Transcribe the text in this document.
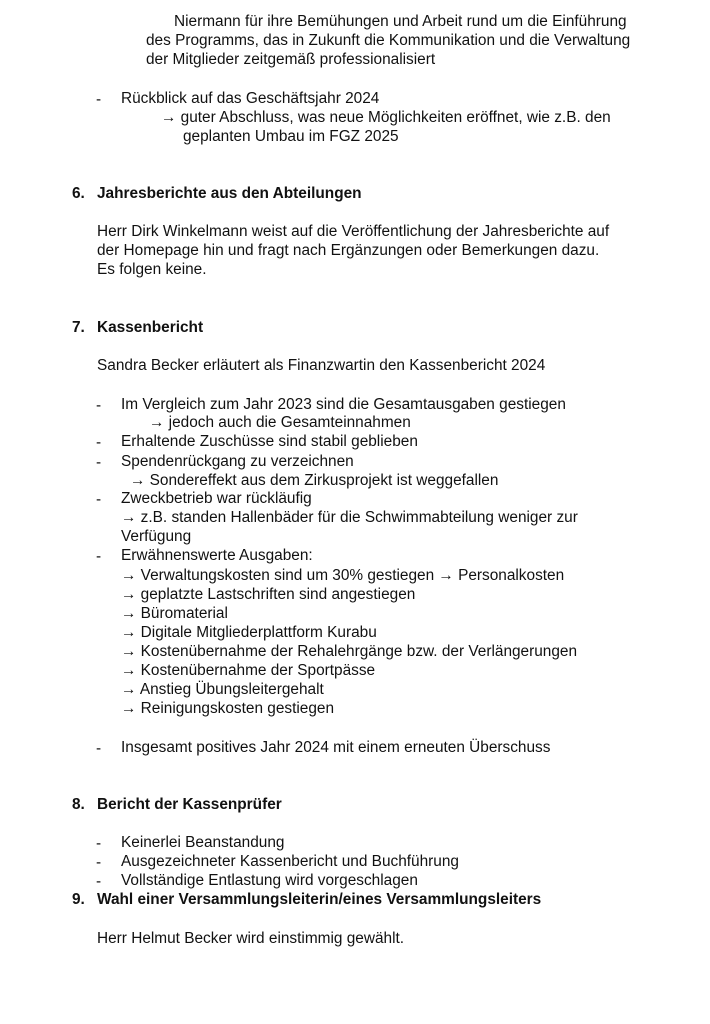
Niermann für ihre Bemühungen und Arbeit rund um die Einführung
des Programms, das in Zukunft die Kommunikation und die Verwaltung
der Mitglieder zeitgemäß professionalisiert
- Rückblick auf das Geschäftsjahr 2024
→ guter Abschluss, was neue Möglichkeiten eröffnet, wie z.B. den
geplanten Umbau im FGZ 2025
6. Jahresberichte aus den Abteilungen
Herr Dirk Winkelmann weist auf die Veröffentlichung der Jahresberichte auf
der Homepage hin und fragt nach Ergänzungen oder Bemerkungen dazu.
Es folgen keine.
7. Kassenbericht
Sandra Becker erläutert als Finanzwartin den Kassenbericht 2024
- Im Vergleich zum Jahr 2023 sind die Gesamtausgaben gestiegen
→ jedoch auch die Gesamteinnahmen
- Erhaltende Zuschüsse sind stabil geblieben
- Spendenrückgang zu verzeichnen
→ Sondereffekt aus dem Zirkusprojekt ist weggefallen
- Zweckbetrieb war rückläufig
→ z.B. standen Hallenbäder für die Schwimmabteilung weniger zur
Verfügung
- Erwähnenswerte Ausgaben:
→ Verwaltungskosten sind um 30% gestiegen → Personalkosten
→ geplatzte Lastschriften sind angestiegen
→ Büromaterial
→ Digitale Mitgliederplattform Kurabu
→ Kostenübernahme der Rehalehrgänge bzw. der Verlängerungen
→ Kostenübernahme der Sportpässe
→ Anstieg Übungsleitergehalt
→ Reinigungskosten gestiegen
- Insgesamt positives Jahr 2024 mit einem erneuten Überschuss
8. Bericht der Kassenprüfer
- Keinerlei Beanstandung
- Ausgezeichneter Kassenbericht und Buchführung
- Vollständige Entlastung wird vorgeschlagen
9. Wahl einer Versammlungsleiterin/eines Versammlungsleiters
Herr Helmut Becker wird einstimmig gewählt.
